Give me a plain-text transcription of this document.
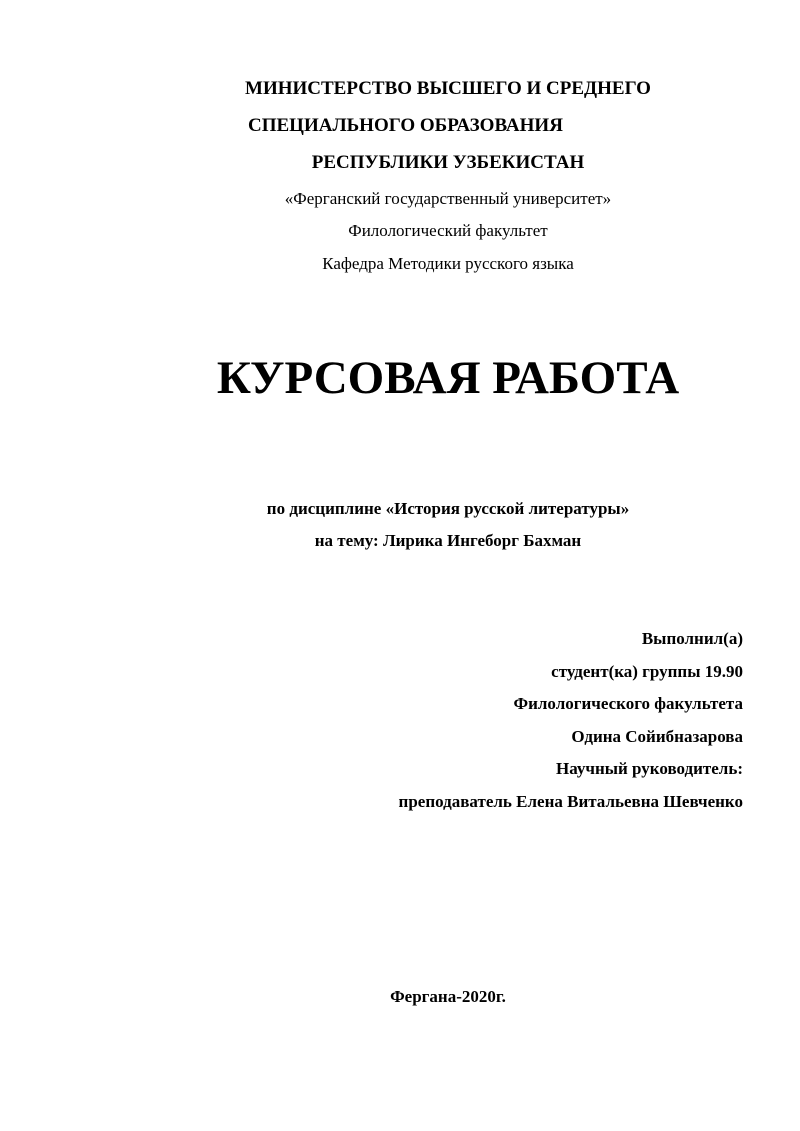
МИНИСТЕРСТВО ВЫСШЕГО И СРЕДНЕГО
СПЕЦИАЛЬНОГО ОБРАЗОВАНИЯ
РЕСПУБЛИКИ УЗБЕКИСТАН
«Ферганский государственный университет»
Филологический факультет
Кафедра Методики русского языка
КУРСОВАЯ РАБОТА
по дисциплине «История русской литературы»
на тему: Лирика Ингеборг Бахман
Выполнил(а)
студент(ка) группы 19.90
Филологического факультета
Одина Сойибназарова
Научный руководитель:
преподаватель Елена Витальевна Шевченко
Фергана-2020г.
